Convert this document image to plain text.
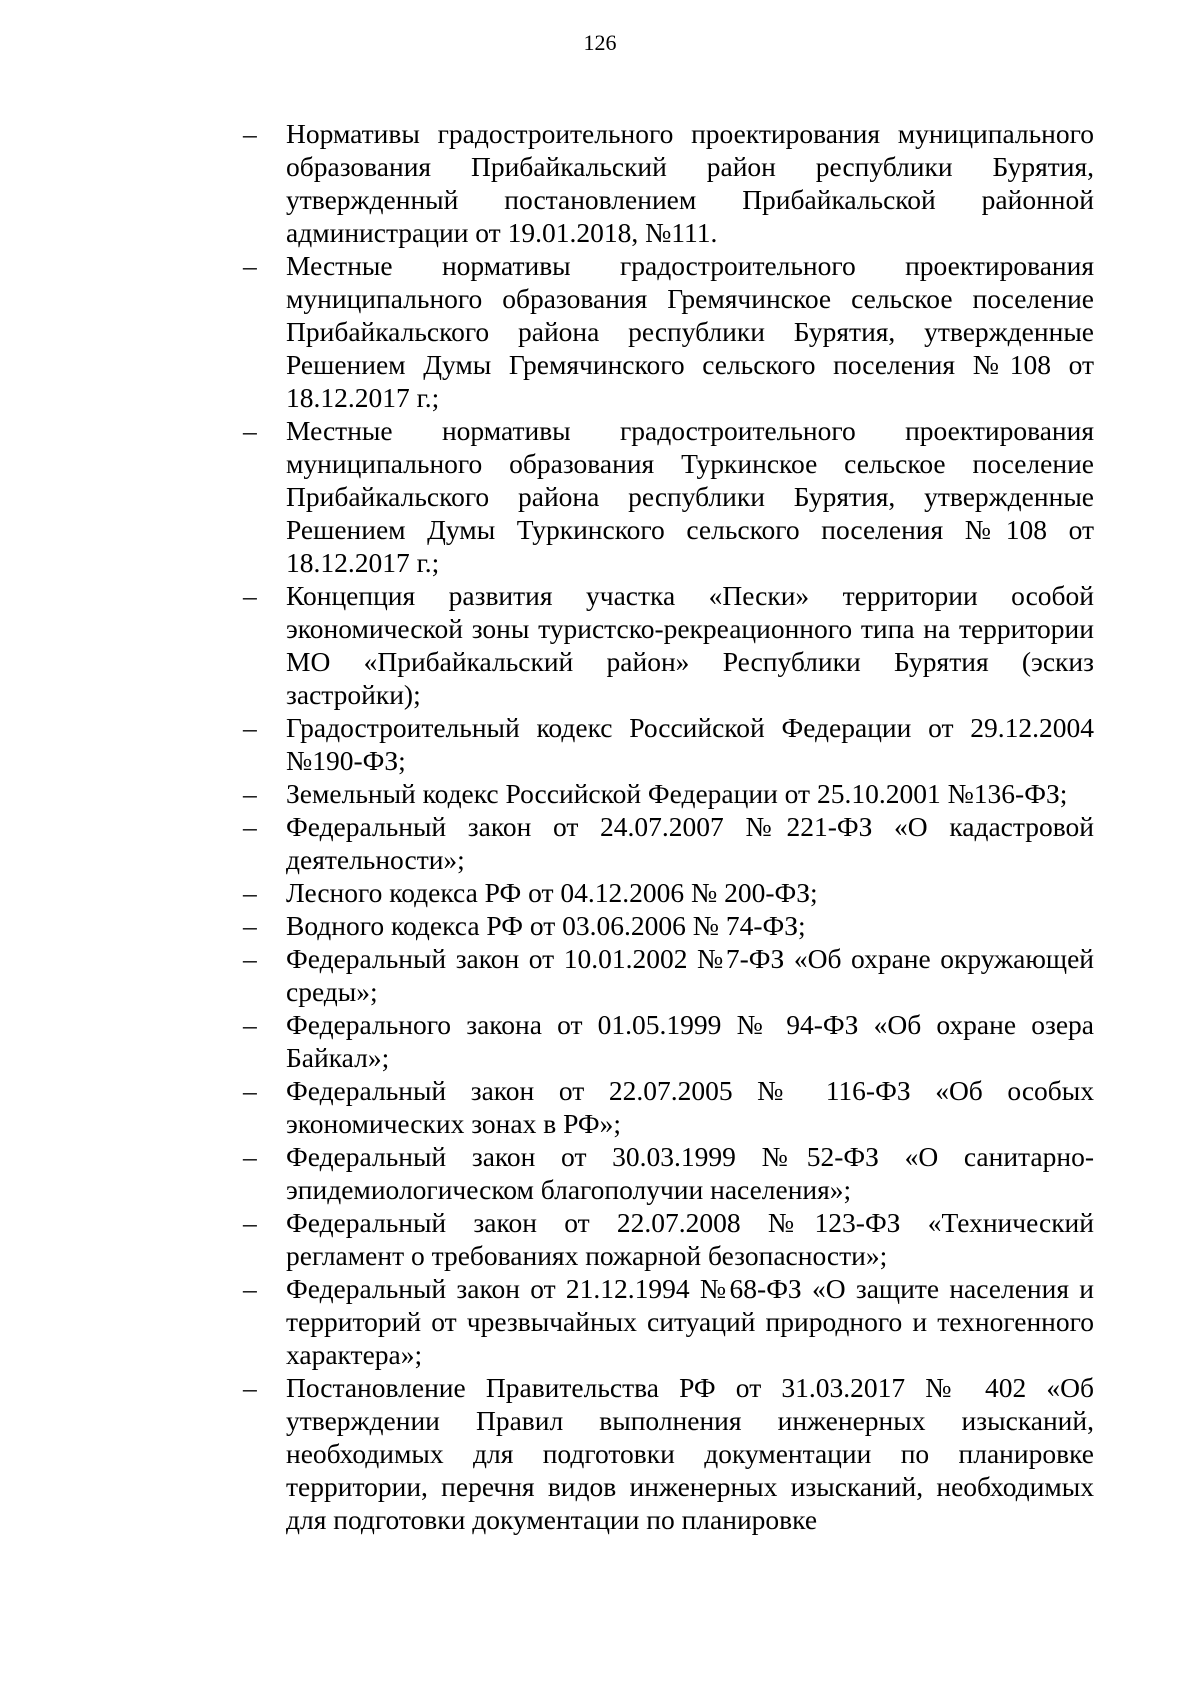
126
– Нормативы градостроительного проектирования муниципального образования Прибайкальский район республики Бурятия, утвержденный постановлением Прибайкальской районной администрации от 19.01.2018, №111.
– Местные нормативы градостроительного проектирования муниципального образования Гремячинское сельское поселение Прибайкальского района республики Бурятия, утвержденные Решением Думы Гремячинского сельского поселения №108 от 18.12.2017 г.;
– Местные нормативы градостроительного проектирования муниципального образования Туркинское сельское поселение Прибайкальского района республики Бурятия, утвержденные Решением Думы Туркинского сельского поселения №108 от 18.12.2017 г.;
– Концепция развития участка «Пески» территории особой экономической зоны туристско-рекреационного типа на территории МО «Прибайкальский район» Республики Бурятия (эскиз застройки);
– Градостроительный кодекс Российской Федерации от 29.12.2004 №190-ФЗ;
– Земельный кодекс Российской Федерации от 25.10.2001 №136-ФЗ;
– Федеральный закон от 24.07.2007 №221-ФЗ «О кадастровой деятельности»;
– Лесного кодекса РФ от 04.12.2006 № 200-ФЗ;
– Водного кодекса РФ от 03.06.2006 № 74-ФЗ;
– Федеральный закон от 10.01.2002 №7-ФЗ «Об охране окружающей среды»;
– Федерального закона от 01.05.1999 № 94-ФЗ «Об охране озера Байкал»;
– Федеральный закон от 22.07.2005 № 116-ФЗ «Об особых экономических зонах в РФ»;
– Федеральный закон от 30.03.1999 №52-ФЗ «О санитарно-эпидемиологическом благополучии населения»;
– Федеральный закон от 22.07.2008 №123-ФЗ «Технический регламент о требованиях пожарной безопасности»;
– Федеральный закон от 21.12.1994 №68-ФЗ «О защите населения и территорий от чрезвычайных ситуаций природного и техногенного характера»;
– Постановление Правительства РФ от 31.03.2017 № 402 «Об утверждении Правил выполнения инженерных изысканий, необходимых для подготовки документации по планировке территории, перечня видов инженерных изысканий, необходимых для подготовки документации по планировке
